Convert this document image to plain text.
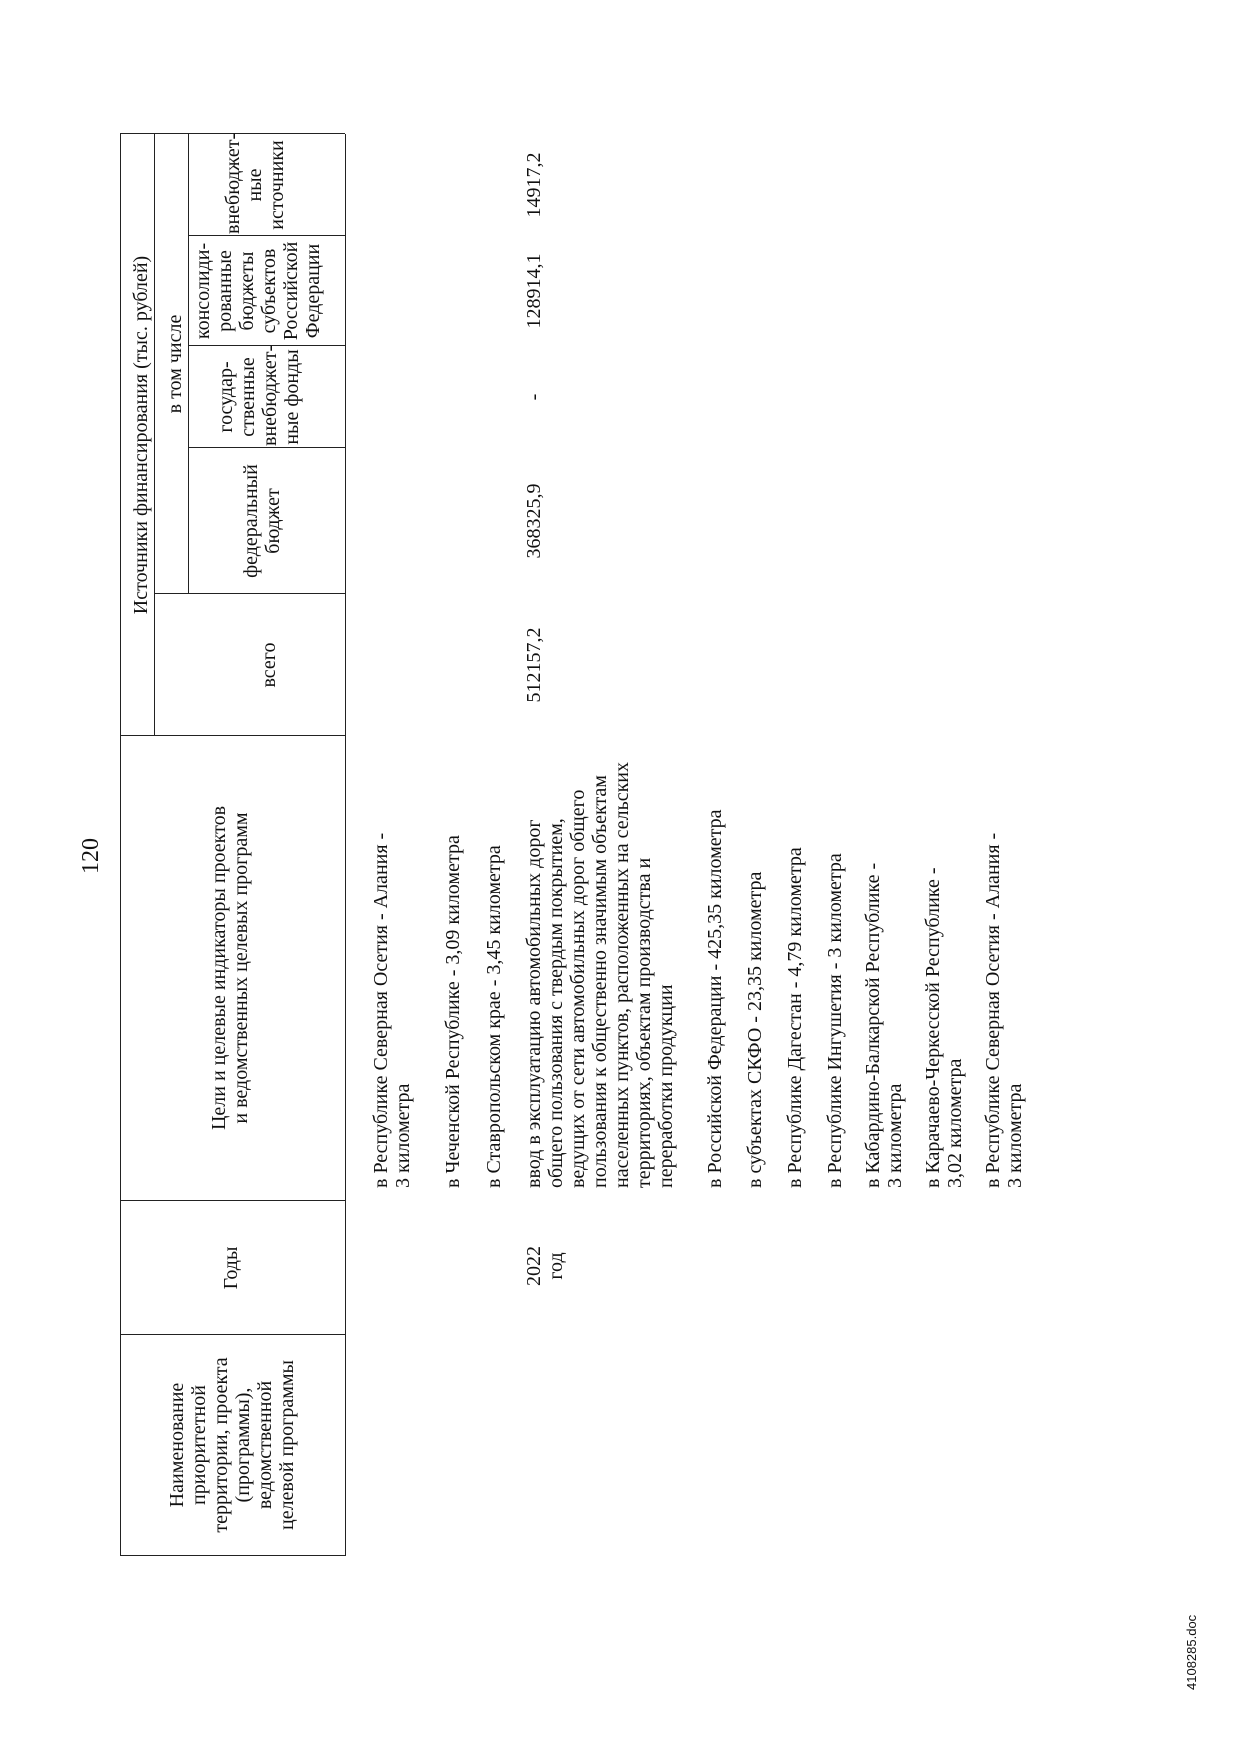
120
Наименование приоритетной территории, проекта (программы), ведомственной целевой программы
Годы
Цели и целевые индикаторы проектов и ведомственных целевых программ
Источники финансирования (тыс. рублей) в том числе
всего
федеральный бюджет
государ- ственные внебюджет- ные фонды
консолиди- рованные бюджеты субъектов Российской Федерации
внебюджет- ные источники
в Республике Северная Осетия - Алания - 3 километра в Чеченской Республике - 3,09 километра в Ставропольском крае - 3,45 километра
2022 год
ввод в эксплуатацию автомобильных дорог общего пользования с твердым покрытием, ведущих от сети автомобильных дорог общего пользования к общественно значимым объектам населенных пунктов, расположенных на сельских территориях, объектам производства и переработки продукции
512157,2
368325,9
-
128914,1
14917,2
в Российской Федерации - 425,35 километра в субъектах СКФО - 23,35 километра в Республике Дагестан - 4,79 километра в Республике Ингушетия - 3 километра в Кабардино-Балкарской Республике - 3 километра в Карачаево-Черкесской Республике - 3,02 километра в Республике Северная Осетия - Алания - 3 километра
4108285.doc
